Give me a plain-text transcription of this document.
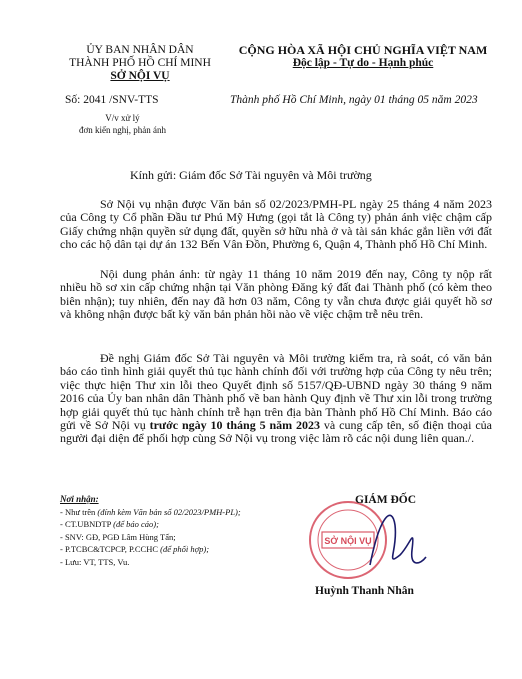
ỦY BAN NHÂN DÂN
THÀNH PHỐ HỒ CHÍ MINH
SỞ NỘI VỤ
CỘNG HÒA XÃ HỘI CHỦ NGHĨA VIỆT NAM
Độc lập - Tự do - Hạnh phúc
Số: 2041 /SNV-TTS	Thành phố Hồ Chí Minh, ngày 01 tháng 05 năm 2023
V/v xử lý
đơn kiến nghị, phản ánh
Kính gửi: Giám đốc Sở Tài nguyên và Môi trường

Sở Nội vụ nhận được Văn bản số 02/2023/PMH-PL ngày 25 tháng 4 năm 2023 của Công ty Cổ phần Đầu tư Phú Mỹ Hưng (gọi tắt là Công ty) phản ánh việc chậm cấp Giấy chứng nhận quyền sử dụng đất, quyền sở hữu nhà ở và tài sản khác gắn liền với đất cho các hộ dân tại dự án 132 Bến Vân Đồn, Phường 6, Quận 4, Thành phố Hồ Chí Minh.

Nội dung phản ánh: từ ngày 11 tháng 10 năm 2019 đến nay, Công ty nộp rất nhiều hồ sơ xin cấp chứng nhận tại Văn phòng Đăng ký đất đai Thành phố (có kèm theo biên nhận); tuy nhiên, đến nay đã hơn 03 năm, Công ty vẫn chưa được giải quyết hồ sơ và không nhận được bất kỳ văn bản phản hồi nào về việc chậm trễ nêu trên.

Đề nghị Giám đốc Sở Tài nguyên và Môi trường kiểm tra, rà soát, có văn bản báo cáo tình hình giải quyết thủ tục hành chính đối với trường hợp của Công ty nêu trên; việc thực hiện Thư xin lỗi theo Quyết định số 5157/QĐ-UBND ngày 30 tháng 9 năm 2016 của Ủy ban nhân dân Thành phố về ban hành Quy định về Thư xin lỗi trong trường hợp giải quyết thủ tục hành chính trễ hạn trên địa bàn Thành phố Hồ Chí Minh. Báo cáo gửi về Sở Nội vụ trước ngày 10 tháng 5 năm 2023 và cung cấp tên, số điện thoại của người đại diện để phối hợp cùng Sở Nội vụ trong việc làm rõ các nội dung liên quan./.

Nơi nhận:
- Như trên (đính kèm Văn bản số 02/2023/PMH-PL);
- CT.UBNDTP (để báo cáo);
- SNV: GĐ, PGĐ Lâm Hùng Tấn;
- P.TCBC&TCPCP, P.CCHC (để phối hợp);
- Lưu: VT, TTS, Vu.
SỞ NỘI VỤ
GIÁM ĐỐC
Huỳnh Thanh Nhân
